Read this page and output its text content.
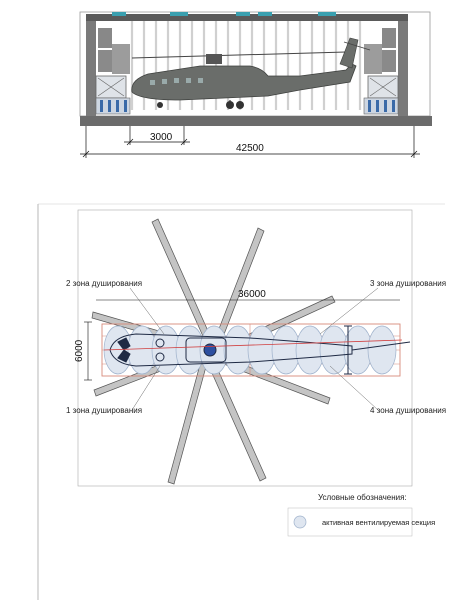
3000
42500
36000
6000
2 зона душирования
1 зона душирования
3 зона душирования
4 зона душирования
Условные обозначения:
активная вентилируемая секция
